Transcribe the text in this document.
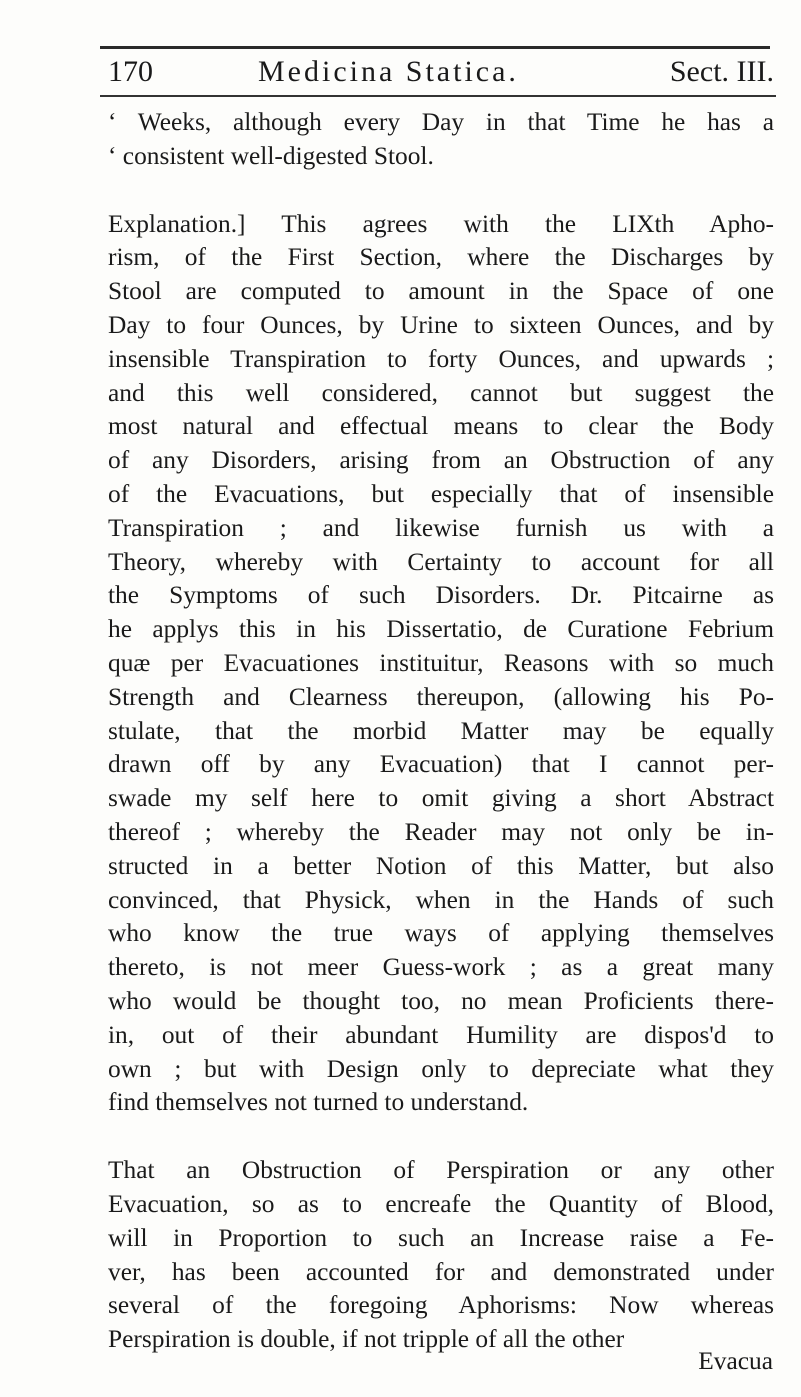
170	Medicina Statica.	Sect. III.
‘ Weeks, although every Day in that Time he has a
‘ consistent well-digested Stool.
Explanation.] This agrees with the LIXth Apho-
rism, of the First Section, where the Discharges by
Stool are computed to amount in the Space of one
Day to four Ounces, by Urine to sixteen Ounces, and by
insensible Transpiration to forty Ounces, and upwards ;
and this well considered, cannot but suggest the
most natural and effectual means to clear the Body
of any Disorders, arising from an Obstruction of any
of the Evacuations, but especially that of insensible
Transpiration ; and likewise furnish us with a
Theory, whereby with Certainty to account for all
the Symptoms of such Disorders. Dr. Pitcairne as
he applys this in his Dissertatio, de Curatione Febrium
quæ per Evacuationes instituitur, Reasons with so much
Strength and Clearness thereupon, (allowing his Po-
stulate, that the morbid Matter may be equally
drawn off by any Evacuation) that I cannot per-
swade my self here to omit giving a short Abstract
thereof ; whereby the Reader may not only be in-
structed in a better Notion of this Matter, but also
convinced, that Physick, when in the Hands of such
who know the true ways of applying themselves
thereto, is not meer Guess-work ; as a great many
who would be thought too, no mean Proficients there-
in, out of their abundant Humility are dispos'd to
own ; but with Design only to depreciate what they
find themselves not turned to understand.
That an Obstruction of Perspiration or any other
Evacuation, so as to encreafe the Quantity of Blood,
will in Proportion to such an Increase raise a Fe-
ver, has been accounted for and demonstrated under
several of the foregoing Aphorisms: Now whereas
Perspiration is double, if not tripple of all the other
Evacua
